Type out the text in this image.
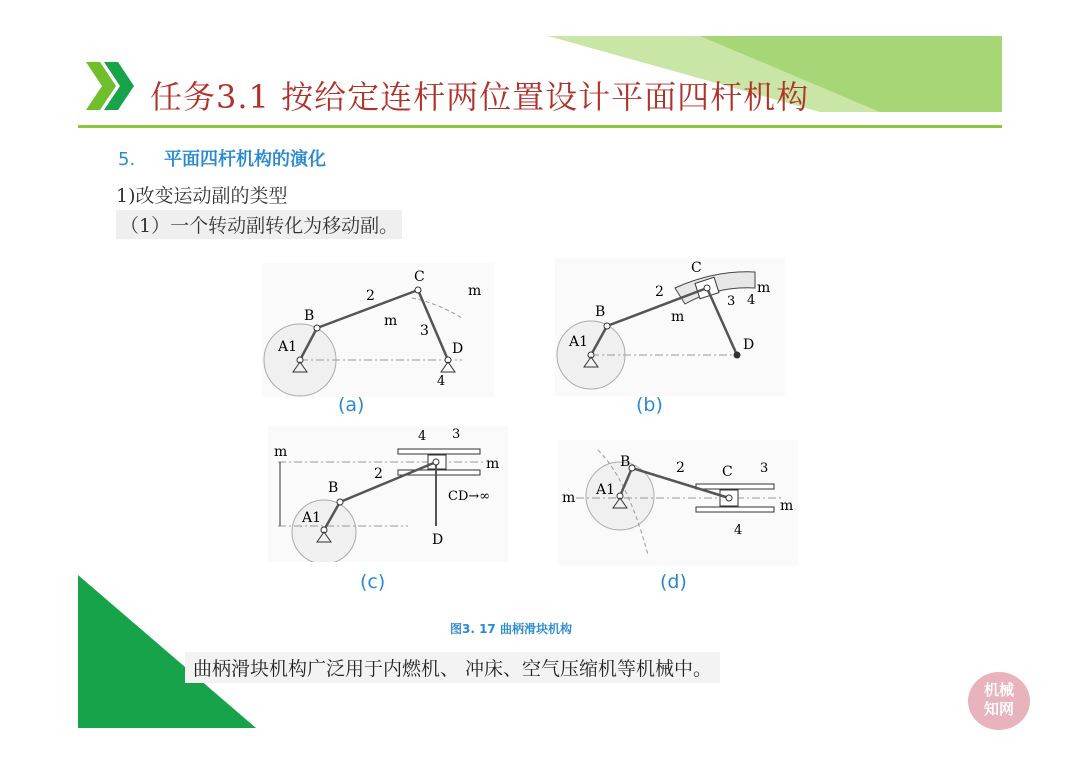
任务3.1 按给定连杆两位置设计平面四杆机构
5. 平面四杆机构的演化
1)改变运动副的类型
（1）一个转动副转化为移动副。
A1
B
C
D
2
3
4
m
m
(a)
A1
B
C
D
2
3 4
m
m
(b)
m
m
A1
B
D
2
3
4
CD→∞
(c)
m	m
A1
B
C
2	3
4
(d)
图3. 17 曲柄滑块机构
曲柄滑块机构广泛用于内燃机、 冲床、空气压缩机等机械中。
机械
知网
